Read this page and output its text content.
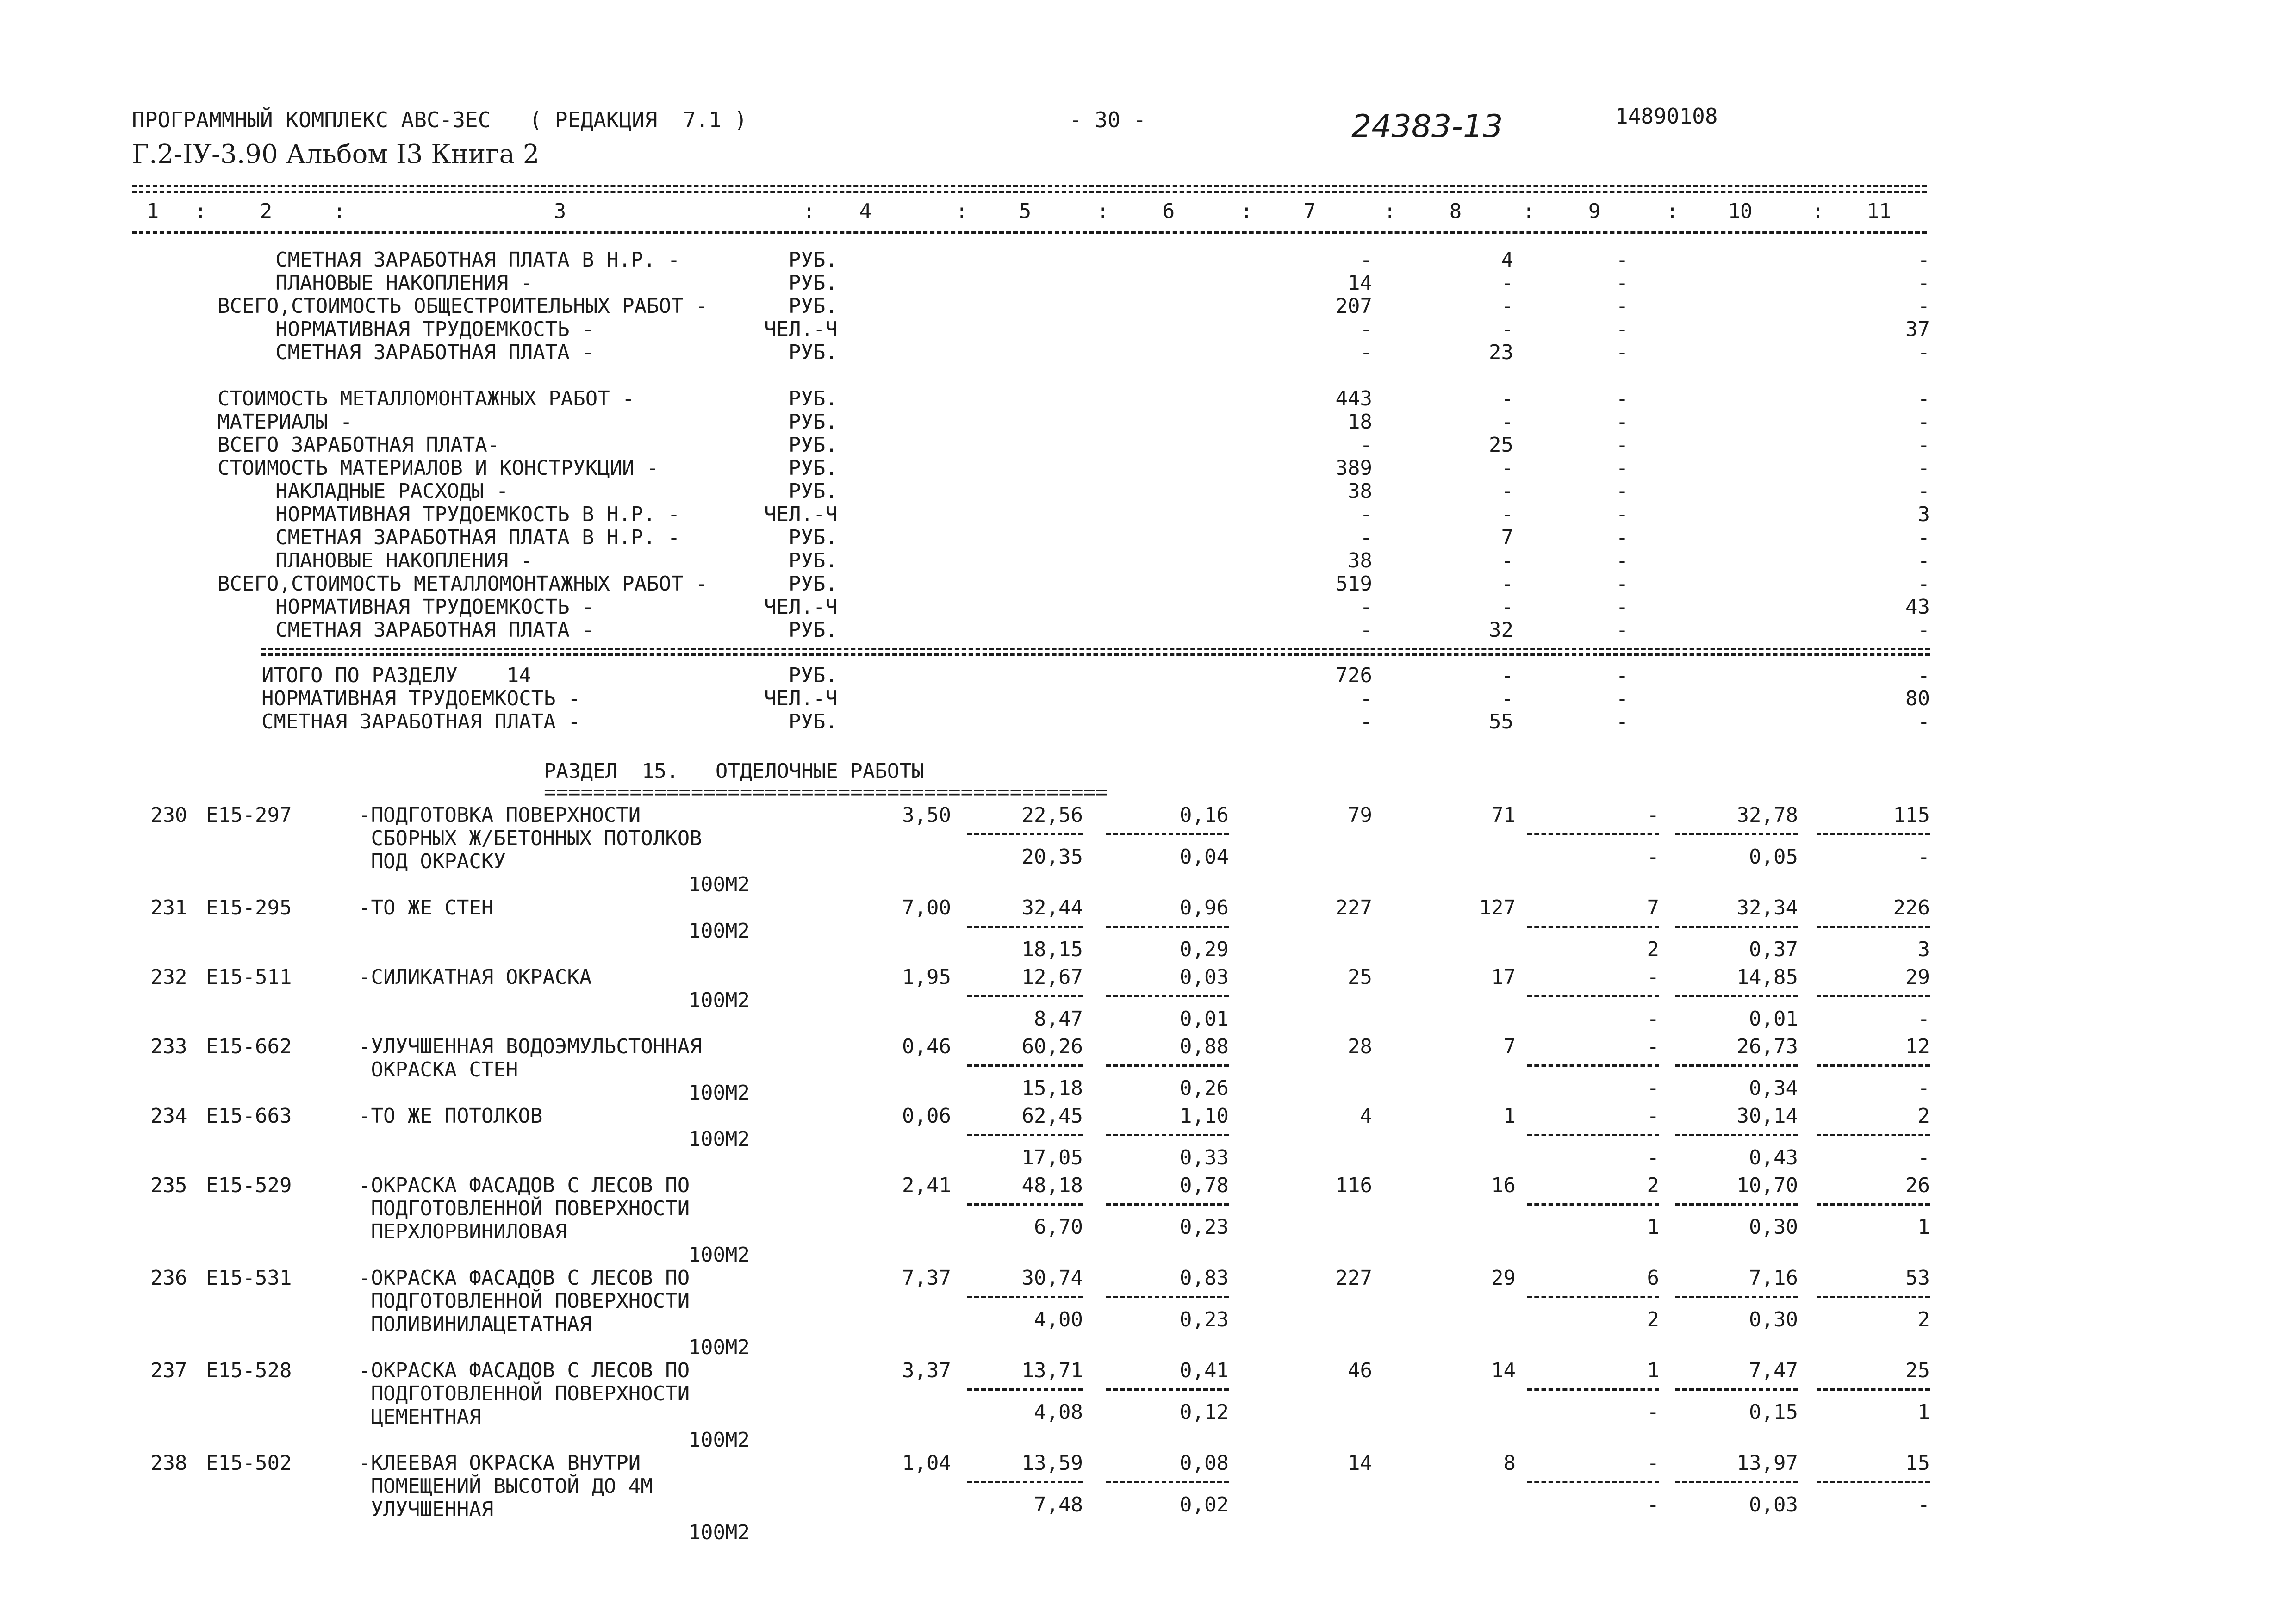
ПРОГРАММНЫЙ КОМПЛЕКС АВС-3ЕС   ( РЕДАКЦИЯ  7.1 )	- 30 -	24383-13	14890108
Г.2-IУ-3.90 Альбом I3 Книга 2
1	2	3	4	5	6	7	8	9	10	11
:	:	:	:	:	:	:	:	:	:
СМЕТНАЯ ЗАРАБОТНАЯ ПЛАТА В Н.Р. -	РУБ.	-	4	-	-
ПЛАНОВЫЕ НАКОПЛЕНИЯ -	РУБ.	14	-	-	-
ВСЕГО,СТОИМОСТЬ ОБЩЕСТРОИТЕЛЬНЫХ РАБОТ -	РУБ.	207	-	-	-
НОРМАТИВНАЯ ТРУДОЕМКОСТЬ -	ЧЕЛ.-Ч	-	-	-	37
СМЕТНАЯ ЗАРАБОТНАЯ ПЛАТА -	РУБ.	-	23	-	-
СТОИМОСТЬ МЕТАЛЛОМОНТАЖНЫХ РАБОТ -	РУБ.	443	-	-	-
МАТЕРИАЛЫ -	РУБ.	18	-	-	-
ВСЕГО ЗАРАБОТНАЯ ПЛАТА-	РУБ.	-	25	-	-
СТОИМОСТЬ МАТЕРИАЛОВ И КОНСТРУКЦИИ -	РУБ.	389	-	-	-
НАКЛАДНЫЕ РАСХОДЫ -	РУБ.	38	-	-	-
НОРМАТИВНАЯ ТРУДОЕМКОСТЬ В Н.Р. -	ЧЕЛ.-Ч	-	-	-	3
СМЕТНАЯ ЗАРАБОТНАЯ ПЛАТА В Н.Р. -	РУБ.	-	7	-	-
ПЛАНОВЫЕ НАКОПЛЕНИЯ -	РУБ.	38	-	-	-
ВСЕГО,СТОИМОСТЬ МЕТАЛЛОМОНТАЖНЫХ РАБОТ -	РУБ.	519	-	-	-
НОРМАТИВНАЯ ТРУДОЕМКОСТЬ -	ЧЕЛ.-Ч	-	-	-	43
СМЕТНАЯ ЗАРАБОТНАЯ ПЛАТА -	РУБ.	-	32	-	-
ИТОГО ПО РАЗДЕЛУ    14	РУБ.	726	-	-	-
НОРМАТИВНАЯ ТРУДОЕМКОСТЬ -	ЧЕЛ.-Ч	-	-	-	80
СМЕТНАЯ ЗАРАБОТНАЯ ПЛАТА -	РУБ.	-	55	-	-
РАЗДЕЛ  15.   ОТДЕЛОЧНЫЕ РАБОТЫ
==============================================
230 Е15-297	-ПОДГОТОВКА ПОВЕРХНОСТИ
СБОРНЫХ Ж/БЕТОННЫХ ПОТОЛКОВ
ПОД ОКРАСКУ
100М2
3,50	22,56	0,16	79	71	-	32,78	115
20,35	0,04	-	0,05	-
231 Е15-295	-ТО ЖЕ СТЕН
100М2
7,00	32,44	0,96	227	127	7	32,34	226
18,15	0,29	2	0,37	3
232 Е15-511	-СИЛИКАТНАЯ ОКРАСКА
100М2
1,95	12,67	0,03	25	17	-	14,85	29
8,47	0,01	-	0,01	-
233 Е15-662	-УЛУЧШЕННАЯ ВОДОЭМУЛЬСТОННАЯ
ОКРАСКА СТЕН
100М2
0,46	60,26	0,88	28	7	-	26,73	12
15,18	0,26	-	0,34	-
234 Е15-663	-ТО ЖЕ ПОТОЛКОВ
100М2
0,06	62,45	1,10	4	1	-	30,14	2
17,05	0,33	-	0,43	-
235 Е15-529	-ОКРАСКА ФАСАДОВ С ЛЕСОВ ПО
ПОДГОТОВЛЕННОЙ ПОВЕРХНОСТИ
ПЕРХЛОРВИНИЛОВАЯ
100М2
2,41	48,18	0,78	116	16	2	10,70	26
6,70	0,23	1	0,30	1
236 Е15-531	-ОКРАСКА ФАСАДОВ С ЛЕСОВ ПО
ПОДГОТОВЛЕННОЙ ПОВЕРХНОСТИ
ПОЛИВИНИЛАЦЕТАТНАЯ
100М2
7,37	30,74	0,83	227	29	6	7,16	53
4,00	0,23	2	0,30	2
237 Е15-528	-ОКРАСКА ФАСАДОВ С ЛЕСОВ ПО
ПОДГОТОВЛЕННОЙ ПОВЕРХНОСТИ
ЦЕМЕНТНАЯ
100М2
3,37	13,71	0,41	46	14	1	7,47	25
4,08	0,12	-	0,15	1
238 Е15-502	-КЛЕЕВАЯ ОКРАСКА ВНУТРИ
ПОМЕЩЕНИЙ ВЫСОТОЙ ДО 4М
УЛУЧШЕННАЯ
100М2
1,04	13,59	0,08	14	8	-	13,97	15
7,48	0,02	-	0,03	-
